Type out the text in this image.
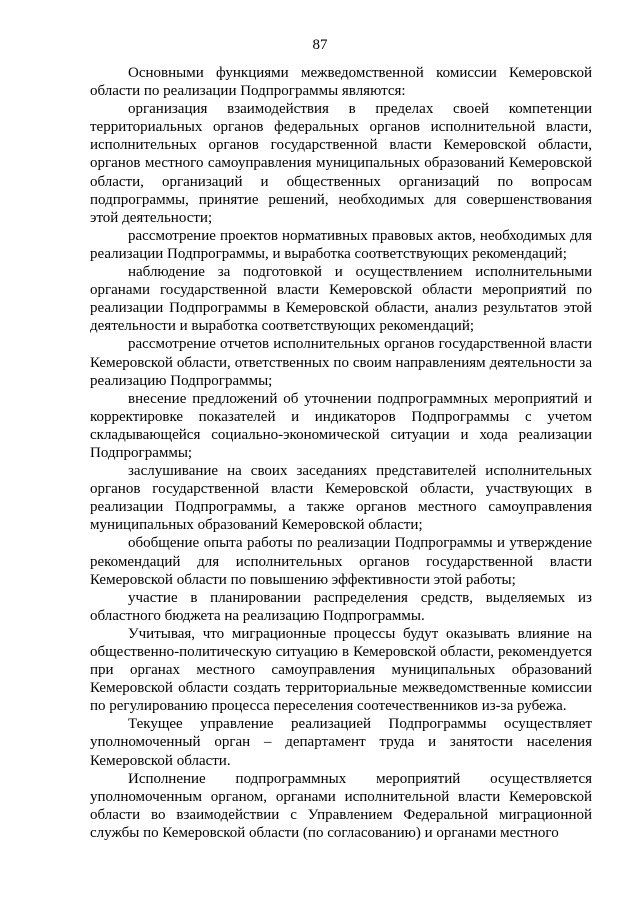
87

Основными функциями межведомственной комиссии Кемеровской области по реализации Подпрограммы являются:

организация взаимодействия в пределах своей компетенции территориальных органов федеральных органов исполнительной власти, исполнительных органов государственной власти Кемеровской области, органов местного самоуправления муниципальных образований Кемеровской области, организаций и общественных организаций по вопросам подпрограммы, принятие решений, необходимых для совершенствования этой деятельности;

рассмотрение проектов нормативных правовых актов, необходимых для реализации Подпрограммы, и выработка соответствующих рекомендаций;

наблюдение за подготовкой и осуществлением исполнительными органами государственной власти Кемеровской области мероприятий по реализации Подпрограммы в Кемеровской области, анализ результатов этой деятельности и выработка соответствующих рекомендаций;

рассмотрение отчетов исполнительных органов государственной власти Кемеровской области, ответственных по своим направлениям деятельности за реализацию Подпрограммы;

внесение предложений об уточнении подпрограммных мероприятий и корректировке показателей и индикаторов Подпрограммы с учетом складывающейся социально-экономической ситуации и хода реализации Подпрограммы;

заслушивание на своих заседаниях представителей исполнительных органов государственной власти Кемеровской области, участвующих в реализации Подпрограммы, а также органов местного самоуправления муниципальных образований Кемеровской области;

обобщение опыта работы по реализации Подпрограммы и утверждение рекомендаций для исполнительных органов государственной власти Кемеровской области по повышению эффективности этой работы;

участие в планировании распределения средств, выделяемых из областного бюджета на реализацию Подпрограммы.

Учитывая, что миграционные процессы будут оказывать влияние на общественно-политическую ситуацию в Кемеровской области, рекомендуется при органах местного самоуправления муниципальных образований Кемеровской области создать территориальные межведомственные комиссии по регулированию процесса переселения соотечественников из-за рубежа.

Текущее управление реализацией Подпрограммы осуществляет уполномоченный орган – департамент труда и занятости населения Кемеровской области.

Исполнение подпрограммных мероприятий осуществляется уполномоченным органом, органами исполнительной власти Кемеровской области во взаимодействии с Управлением Федеральной миграционной службы по Кемеровской области (по согласованию) и органами местного
